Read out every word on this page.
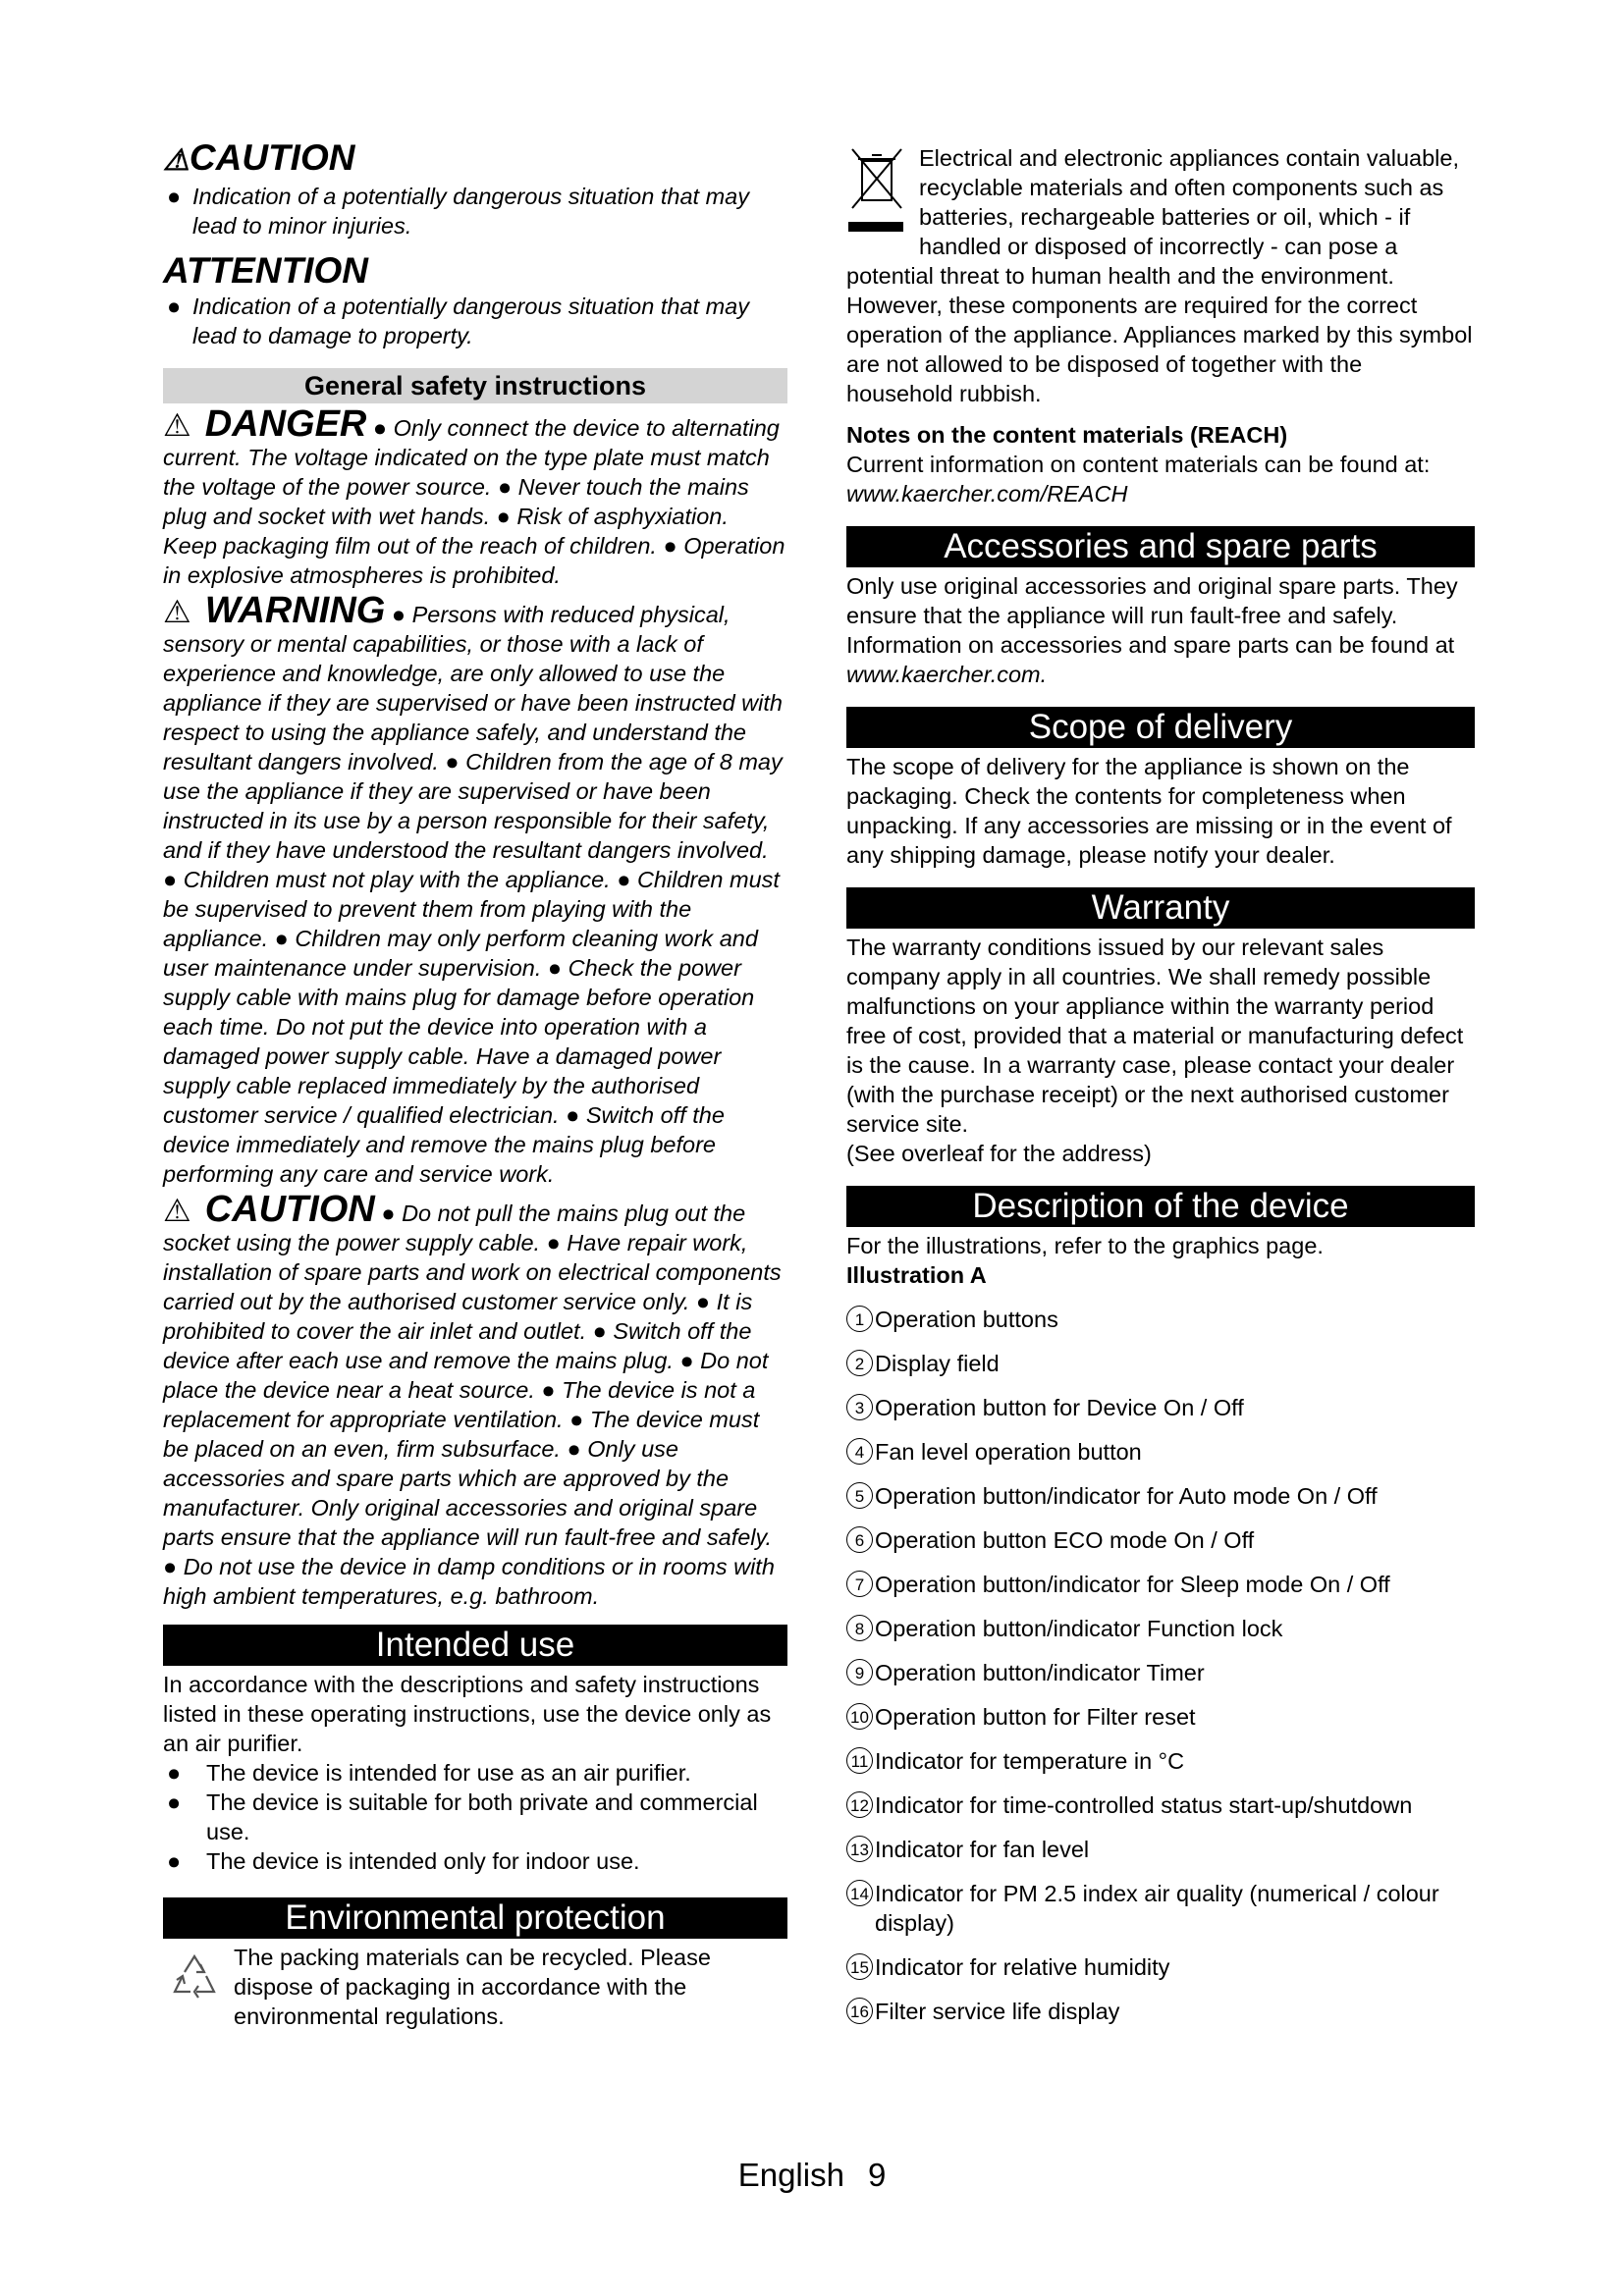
⚠CAUTION
● Indication of a potentially dangerous situation that may lead to minor injuries.
ATTENTION
● Indication of a potentially dangerous situation that may lead to damage to property.
General safety instructions

⚠ DANGER ● Only connect the device to alternating current. The voltage indicated on the type plate must match the voltage of the power source. ● Never touch the mains plug and socket with wet hands. ● Risk of asphyxiation. Keep packaging film out of the reach of children. ● Operation in explosive atmospheres is prohibited.

⚠ WARNING ● Persons with reduced physical, sensory or mental capabilities, or those with a lack of experience and knowledge, are only allowed to use the appliance if they are supervised or have been instructed with respect to using the appliance safely, and understand the resultant dangers involved. ● Children from the age of 8 may use the appliance if they are supervised or have been instructed in its use by a person responsible for their safety, and if they have understood the resultant dangers involved. ● Children must not play with the appliance. ● Children must be supervised to prevent them from playing with the appliance. ● Children may only perform cleaning work and user maintenance under supervision. ● Check the power supply cable with mains plug for damage before operation each time. Do not put the device into operation with a damaged power supply cable. Have a damaged power supply cable replaced immediately by the authorised customer service / qualified electrician. ● Switch off the device immediately and remove the mains plug before performing any care and service work.

⚠ CAUTION ● Do not pull the mains plug out the socket using the power supply cable. ● Have repair work, installation of spare parts and work on electrical components carried out by the authorised customer service only. ● It is prohibited to cover the air inlet and outlet. ● Switch off the device after each use and remove the mains plug. ● Do not place the device near a heat source. ● The device is not a replacement for appropriate ventilation. ● The device must be placed on an even, firm subsurface. ● Only use accessories and spare parts which are approved by the manufacturer. Only original accessories and original spare parts ensure that the appliance will run fault-free and safely.

● Do not use the device in damp conditions or in rooms with high ambient temperatures, e.g. bathroom.

Intended use

In accordance with the descriptions and safety instructions listed in these operating instructions, use the device only as an air purifier.

●	The device is intended for use as an air purifier.
●	The device is suitable for both private and commercial use.
●	The device is intended only for indoor use.
Environmental protection

The packing materials can be recycled. Please dispose of packaging in accordance with the environmental regulations.

Electrical and electronic appliances contain valuable, recyclable materials and often components such as batteries, rechargeable batteries or oil, which - if handled or disposed of incorrectly - can pose a potential threat to human health and the environment. However, these components are required for the correct operation of the appliance. Appliances marked by this symbol are not allowed to be disposed of together with the household rubbish.

Notes on the content materials (REACH)

Current information on content materials can be found at: www.kaercher.com/REACH

Accessories and spare parts

Only use original accessories and original spare parts. They ensure that the appliance will run fault-free and safely.

Information on accessories and spare parts can be found at www.kaercher.com.

Scope of delivery

The scope of delivery for the appliance is shown on the packaging. Check the contents for completeness when unpacking. If any accessories are missing or in the event of any shipping damage, please notify your dealer.

Warranty

The warranty conditions issued by our relevant sales company apply in all countries. We shall remedy possible malfunctions on your appliance within the warranty period free of cost, provided that a material or manufacturing defect is the cause. In a warranty case, please contact your dealer (with the purchase receipt) or the next authorised customer service site.

(See overleaf for the address)

Description of the device

For the illustrations, refer to the graphics page.

Illustration A

1 Operation buttons
2 Display field
3 Operation button for Device On / Off
4 Fan level operation button
5 Operation button/indicator for Auto mode On / Off
6 Operation button ECO mode On / Off
7 Operation button/indicator for Sleep mode On / Off
8 Operation button/indicator Function lock
9 Operation button/indicator Timer
10 Operation button for Filter reset
11 Indicator for temperature in °C
12 Indicator for time-controlled status start-up/shutdown
13 Indicator for fan level
14 Indicator for PM 2.5 index air quality (numerical / colour display)
15 Indicator for relative humidity
16 Filter service life display
English 9
